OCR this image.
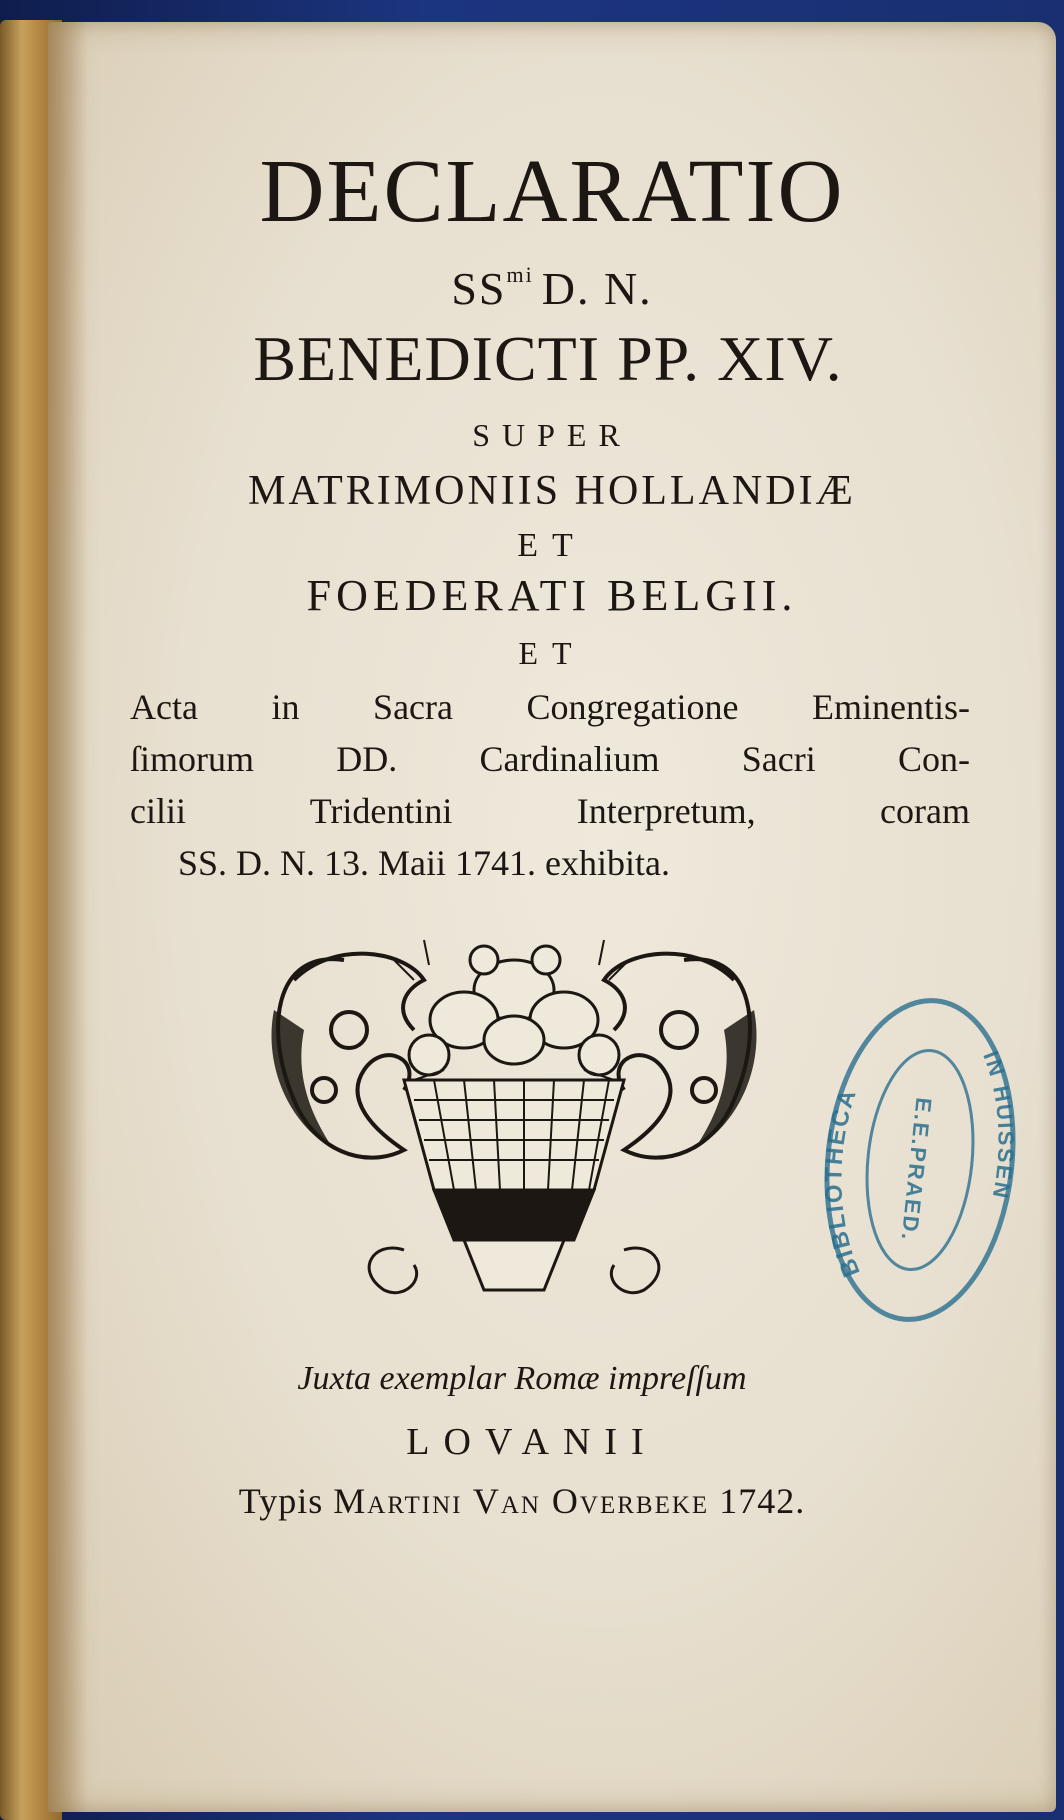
DECLARATIO
$SS^{mi}$ D. N.
BENEDICTI PP. XIV.
SUPER
MATRIMONIIS HOLLANDIÆ
ET
FOEDERATI BELGII.
ET
Acta in Sacra Congregatione Eminentis-
ſimorum DD. Cardinalium Sacri Con-
cilii Tridentini Interpretum, coram
SS. D. N. 13. Maii 1741. exhibita.
Juxta exemplar Romæ impreſſum
LOVANII
Typis Martini Van Overbeke 1742.
BIBLIOTHECA	E.E.PRAED.
IN HUISSEN
